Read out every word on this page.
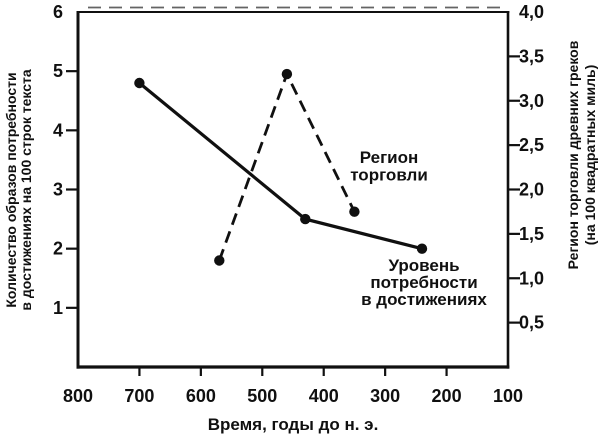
6
5
4
3
2
1
4,0
3,5
3,0
2,5
2,0
1,5
1,0
0,5
800 700 600 500 400 300 200 100
Время, годы до н. э.
Количество образов потребности в достижениях на 100 строк текста	Регион торговли древних греков (на 100 квадратных миль)
Регион
торговли
Уровень
потребности
в достижениях
